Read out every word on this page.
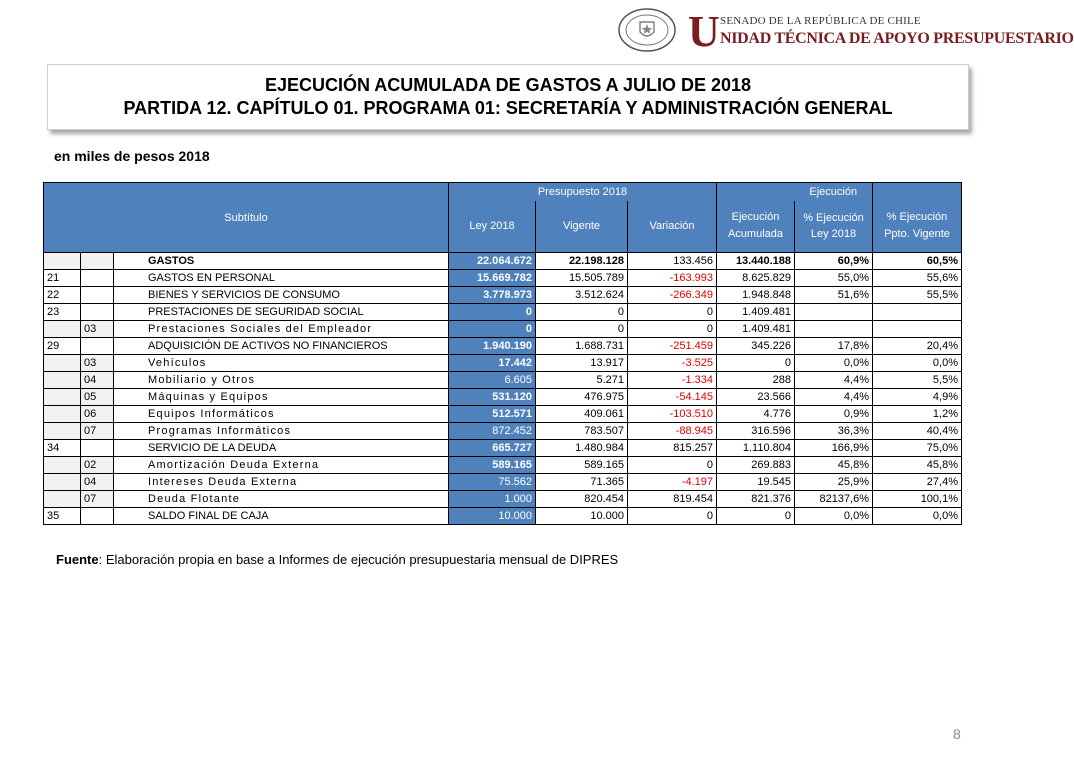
U SENADO DE LA REPÚBLICA DE CHILE
NIDAD TÉCNICA DE APOYO PRESUPUESTARIO
EJECUCIÓN ACUMULADA DE GASTOS A JULIO DE 2018
PARTIDA 12. CAPÍTULO 01. PROGRAMA 01: SECRETARÍA Y ADMINISTRACIÓN GENERAL
en miles de pesos 2018
Subtítulo			Presupuesto 2018				Ejecución	
			Ley 2018	Vigente	Variación	Ejecución Acumulada	% Ejecución Ley 2018	% Ejecución Ppto. Vigente
		GASTOS	22.064.672	22.198.128	133.456	13.440.188	60,9%	60,5%
21		GASTOS EN PERSONAL	15.669.782	15.505.789	-163.993	8.625.829	55,0%	55,6%
22		BIENES Y SERVICIOS DE CONSUMO	3.778.973	3.512.624	-266.349	1.948.848	51,6%	55,5%
23		PRESTACIONES DE SEGURIDAD SOCIAL	0	0	0	1.409.481		
	03	Prestaciones Sociales del Empleador	0	0	0	1.409.481		
29		ADQUISICIÓN DE ACTIVOS NO FINANCIEROS	1.940.190	1.688.731	-251.459	345.226	17,8%	20,4%
	03	Vehículos	17.442	13.917	-3.525	0	0,0%	0,0%
	04	Mobiliario y Otros	6.605	5.271	-1.334	288	4,4%	5,5%
	05	Máquinas y Equipos	531.120	476.975	-54.145	23.566	4,4%	4,9%
	06	Equipos Informáticos	512.571	409.061	-103.510	4.776	0,9%	1,2%
	07	Programas Informáticos	872.452	783.507	-88.945	316.596	36,3%	40,4%
34		SERVICIO DE LA DEUDA	665.727	1.480.984	815.257	1.110.804	166,9%	75,0%
	02	Amortización Deuda Externa	589.165	589.165	0	269.883	45,8%	45,8%
	04	Intereses Deuda Externa	75.562	71.365	-4.197	19.545	25,9%	27,4%
	07	Deuda Flotante	1.000	820.454	819.454	821.376	82137,6%	100,1%
35		SALDO FINAL DE CAJA	10.000	10.000	0	0	0,0%	0,0%
Fuente: Elaboración propia en base a Informes de ejecución presupuestaria mensual de DIPRES
8
